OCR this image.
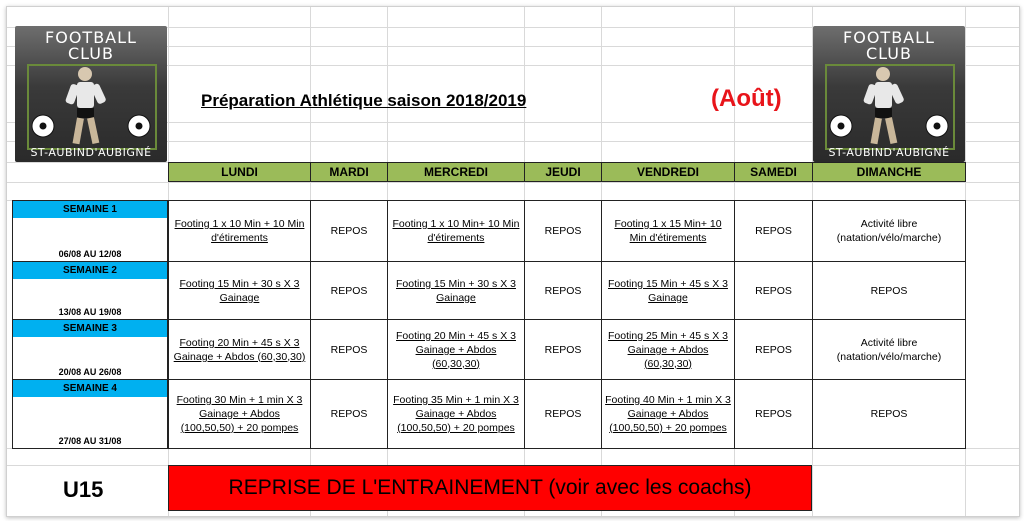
FOOTBALL
CLUB
ST-AUBIND'AUBIGNÉ
FOOTBALL
CLUB
ST-AUBIND'AUBIGNÉ
Préparation Athlétique saison 2018/2019	(Août)
LUNDI	MARDI	MERCREDI	JEUDI	VENDREDI	SAMEDI	DIMANCHE
SEMAINE 1
06/08 AU 12/08
Footing 1 x 10 Min + 10 Min d'étirements
REPOS
Footing 1 x 10 Min+ 10 Min d'étirements
REPOS
Footing 1 x 15 Min+ 10 Min d'étirements
REPOS
Activité libre (natation/vélo/marche)
SEMAINE 2
13/08 AU 19/08
Footing 15 Min + 30 s X 3 Gainage
REPOS
Footing 15 Min + 30 s X 3 Gainage
REPOS
Footing 15 Min + 45 s X 3 Gainage
REPOS	REPOS
SEMAINE 3
20/08 AU 26/08
Footing 20 Min + 45 s X 3 Gainage + Abdos (60,30,30)
REPOS
Footing 20 Min + 45 s X 3 Gainage + Abdos (60,30,30)
REPOS
Footing 25 Min + 45 s X 3 Gainage + Abdos (60,30,30)
REPOS
Activité libre (natation/vélo/marche)
SEMAINE 4
27/08 AU 31/08
Footing 30 Min + 1 min X 3 Gainage + Abdos (100,50,50) + 20 pompes
REPOS
Footing 35 Min + 1 min X 3 Gainage + Abdos (100,50,50) + 20 pompes
REPOS
Footing 40 Min + 1 min X 3 Gainage + Abdos (100,50,50) + 20 pompes
REPOS	REPOS
U15	REPRISE DE L'ENTRAINEMENT (voir avec les coachs)
